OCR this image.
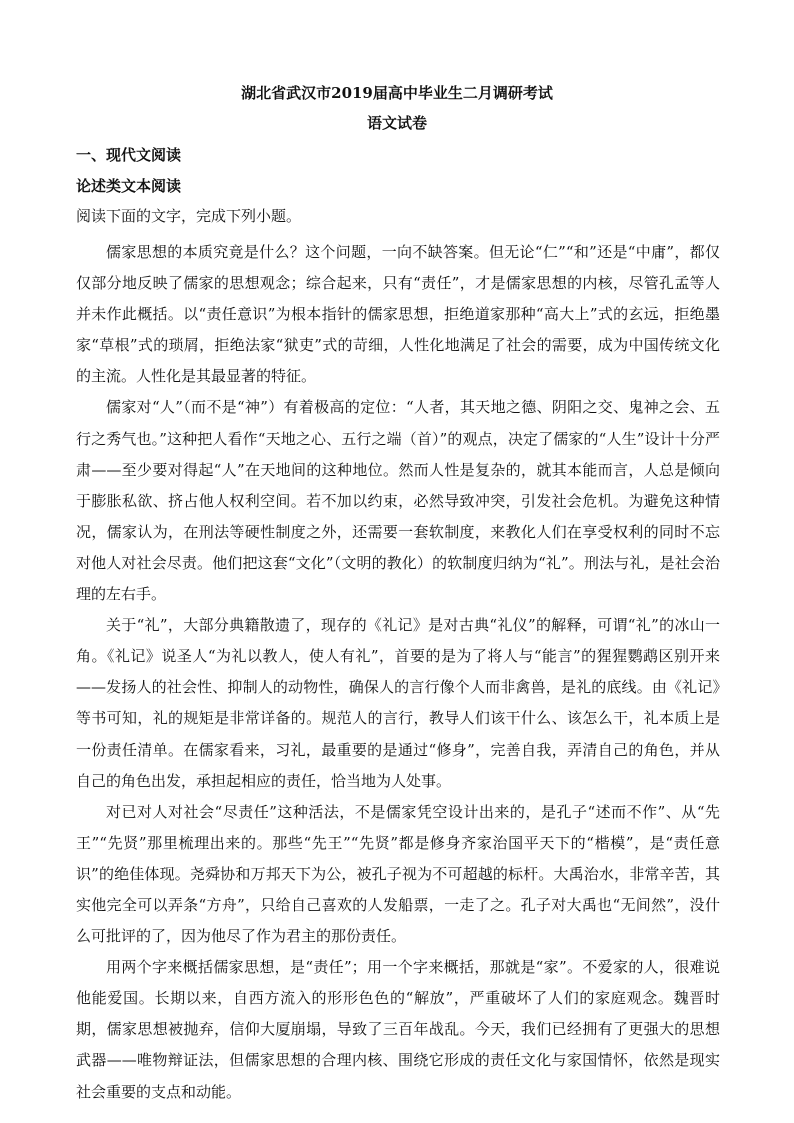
湖北省武汉市2019届高中毕业生二月调研考试
语文试卷
一、现代文阅读
论述类文本阅读
阅读下面的文字，完成下列小题。

儒家思想的本质究竟是什么？这个问题，一向不缺答案。但无论“仁”“和”还是“中庸”，都仅仅部分地反映了儒家的思想观念；综合起来，只有“责任”，才是儒家思想的内核，尽管孔孟等人并未作此概括。以“责任意识”为根本指针的儒家思想，拒绝道家那种“高大上”式的玄远，拒绝墨家“草根”式的琐屑，拒绝法家“狱吏”式的苛细，人性化地满足了社会的需要，成为中国传统文化的主流。人性化是其最显著的特征。

儒家对“人”（而不是“神”）有着极高的定位：“人者，其天地之德、阴阳之交、鬼神之会、五行之秀气也。”这种把人看作“天地之心、五行之端（首）”的观点，决定了儒家的“人生”设计十分严肃——至少要对得起“人”在天地间的这种地位。然而人性是复杂的，就其本能而言，人总是倾向于膨胀私欲、挤占他人权利空间。若不加以约束，必然导致冲突，引发社会危机。为避免这种情况，儒家认为，在刑法等硬性制度之外，还需要一套软制度，来教化人们在享受权利的同时不忘对他人对社会尽责。他们把这套“文化”（文明的教化）的软制度归纳为“礼”。刑法与礼，是社会治理的左右手。

关于“礼”，大部分典籍散遗了，现存的《礼记》是对古典“礼仪”的解释，可谓“礼”的冰山一角。《礼记》说圣人“为礼以教人，使人有礼”，首要的是为了将人与“能言”的猩猩鹦鹉区别开来——发扬人的社会性、抑制人的动物性，确保人的言行像个人而非禽兽，是礼的底线。由《礼记》等书可知，礼的规矩是非常详备的。规范人的言行，教导人们该干什么、该怎么干，礼本质上是一份责任清单。在儒家看来，习礼，最重要的是通过“修身”，完善自我，弄清自己的角色，并从自己的角色出发，承担起相应的责任，恰当地为人处事。

对已对人对社会“尽责任”这种活法，不是儒家凭空设计出来的，是孔子“述而不作”、从“先王”“先贤”那里梳理出来的。那些“先王”“先贤”都是修身齐家治国平天下的“楷模”，是“责任意识”的绝佳体现。尧舜协和万邦天下为公，被孔子视为不可超越的标杆。大禹治水，非常辛苦，其实他完全可以弄条“方舟”，只给自己喜欢的人发船票，一走了之。孔子对大禹也“无间然”，没什么可批评的了，因为他尽了作为君主的那份责任。

用两个字来概括儒家思想，是“责任”；用一个字来概括，那就是“家”。不爱家的人，很难说他能爱国。长期以来，自西方流入的形形色色的“解放”，严重破坏了人们的家庭观念。魏晋时期，儒家思想被抛弃，信仰大厦崩塌，导致了三百年战乱。今天，我们已经拥有了更强大的思想武器——唯物辩证法，但儒家思想的合理内核、围绕它形成的责任文化与家国情怀，依然是现实社会重要的支点和动能。
